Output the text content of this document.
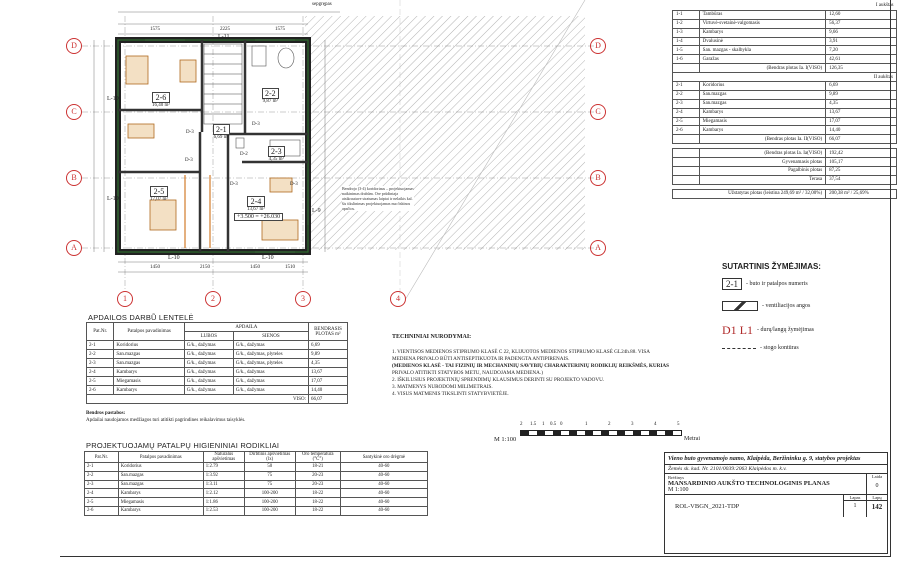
D
C
B
A
D
C
B
A
1	2	3	4
sepgrępas
1575	2225	1575
1450	2150	1450	1510
L-11
L-10
L-10
L-9
L-10	L-10
2-6
16,40 m²
2-2
9,87 m²
2-1
6,69 m²
2-3
4,35 m²
2-5
17,07 m²	2-4
13,67 m²
D-3
D-3
D-3
D-3
D-2
D-3
+3.500 = +26.030
Bendrojo (3-4) koridoriaus – projektuojamas naikinimas drabūm. Ore prūdintaja atsikrautuve stratumas laiptai ir nelaikis kal. šis tikslinimas projektuojamas nuo būtinos apačios.
I aukštas		
1-1	Tambūras	12,60
1-2	Virtuvė-svetainė-valgomasis	56,37
1-3	Kambarys	9,66
1-4	Dvalusinė	3,91
1-5	San. mazgas - skalbykla	7,20
1-6	Garažas	42,61
	(Bendras plotas Ia. I(VISO)	126,35
II aukštas		
2-1	Koridorius	6,69
2-2	San.mazgas	9,89
2-3	San.mazgas	4,35
2-4	Kambarys	13,67
2-5	Miegamasis	17,07
2-6	Kambarys	14,40
	(Bendras plotas Ia. II(VISO)	66,07

	(Bendras plotas Ia. Ia(VISO)	192,42
	Gyvenamasis plotas	105,17
	Pagalbinis plotas	87,25
	Terasa	37,54

Užstatytas plotas (leistina 249,69 m² / 32,00%)		200,38 m² / 25,69%
SUTARTINIS ŽYMĖJIMAS:
2-1	- buto ir patalpos numeris
- ventiliacijos angos
D1 L1 - durų/langų žymėjimas
- stogo kontūras
APDAILOS DARBŨ LENTELĖ
Pat.Nr.	Patalpos pavadinimas	APDAILA		BENDRASIS PLOTAS m²
		LUBOS	SIENOS	
2-1	Koridorius	G/k., dažymas	G/k., dažymas	6,69
2-2	San.mazgas	G/k., dažymas	G/k., dažymas, plyteles	9,89
2-3	San.mazgas	G/k., dažymas	G/k., dažymas, plyteles	4,35
2-4	Kambarys	G/k., dažymas	G/k., dažymas	13,67
2-5	Miegamasis	G/k., dažymas	G/k., dažymas	17,07
2-6	Kambarys	G/k., dažymas	G/k., dažymas	14,40
VISO:				66,07
Bendros pastabos:
Apdailai naudojamos medžiagos turi atitikti pagrindines reikalavimus taisyklės.
TECHNINIAI NURODYMAI:
1. VIENTISOS MEDIENOS STIPRUMO KLASĖ C 22, KLIJUOTOS MEDIENOS STIPRUMO KLASĖ GL24h.88. VISA
MEDIENA PRIVALO BŪTI ANTISEPTIKUOTA IR PADENGTA ANTIPIRENAIS.
(MEDIENOS KLASĖ - TAI FIZINIŲ IR MECHANINIŲ SAVYBIŲ CHARAKTERINIŲ RODIKLIŲ REIKŠMĖS, KURIAS
PRIVALO ATITIKTI STATYBOS METU, NAUDOJAMA MEDIENA.)
2. IŠKILUSIUS PROJEKTINIŲ SPRENDIMŲ KLAUSIMUS DERINTI SU PROJEKTO VADOVU.
3. MATMENYS NURODOMI MILIMETRAIS.
4. VISUS MATMENIS TIKSLINTI STATYBVIETĖJE.
2 1.5 1 0.5 0	1	2	3	4	5
M 1:100	Metrai
PROJEKTUOJAMŲ PATALPŲ HIGIENINIAI RODIKLIAI
Pat.Nr.	Patalpos pavadinimas	Natūralus apšvietimas	Dirbtinis apšvietimas (lx)	Oro temperatūra (°C°)	Santykinė oro drėgmė
2-1	Koridorius	1:2.79	50	18-21	40-60
2-2	San.mazgas	1:3.92	75	20-23	40-60
2-3	San.mazgas	1:3.11	75	20-23	40-60
2-4	Kambarys	1:2.12	100-200	18-22	40-60
2-5	Miegamasis	1:1.86	100-200	18-22	40-60
2-6	Kambarys	1:2.53	100-200	18-22	40-60
Vieno buto gyvenamojo namo, Klaipėda, Beržininku g. 9, statybos projektas
Žemės sk. kad. Nr. 2101/0039:2063 Klaipėdos m. k.v.
Brėžinys
MANSARDINIO AUKŠTO TECHNOLOGINIS PLANAS
M 1:100
Laida
0
ROL-VBGN_2021-TDP
Lapas
1
Lapų
142
